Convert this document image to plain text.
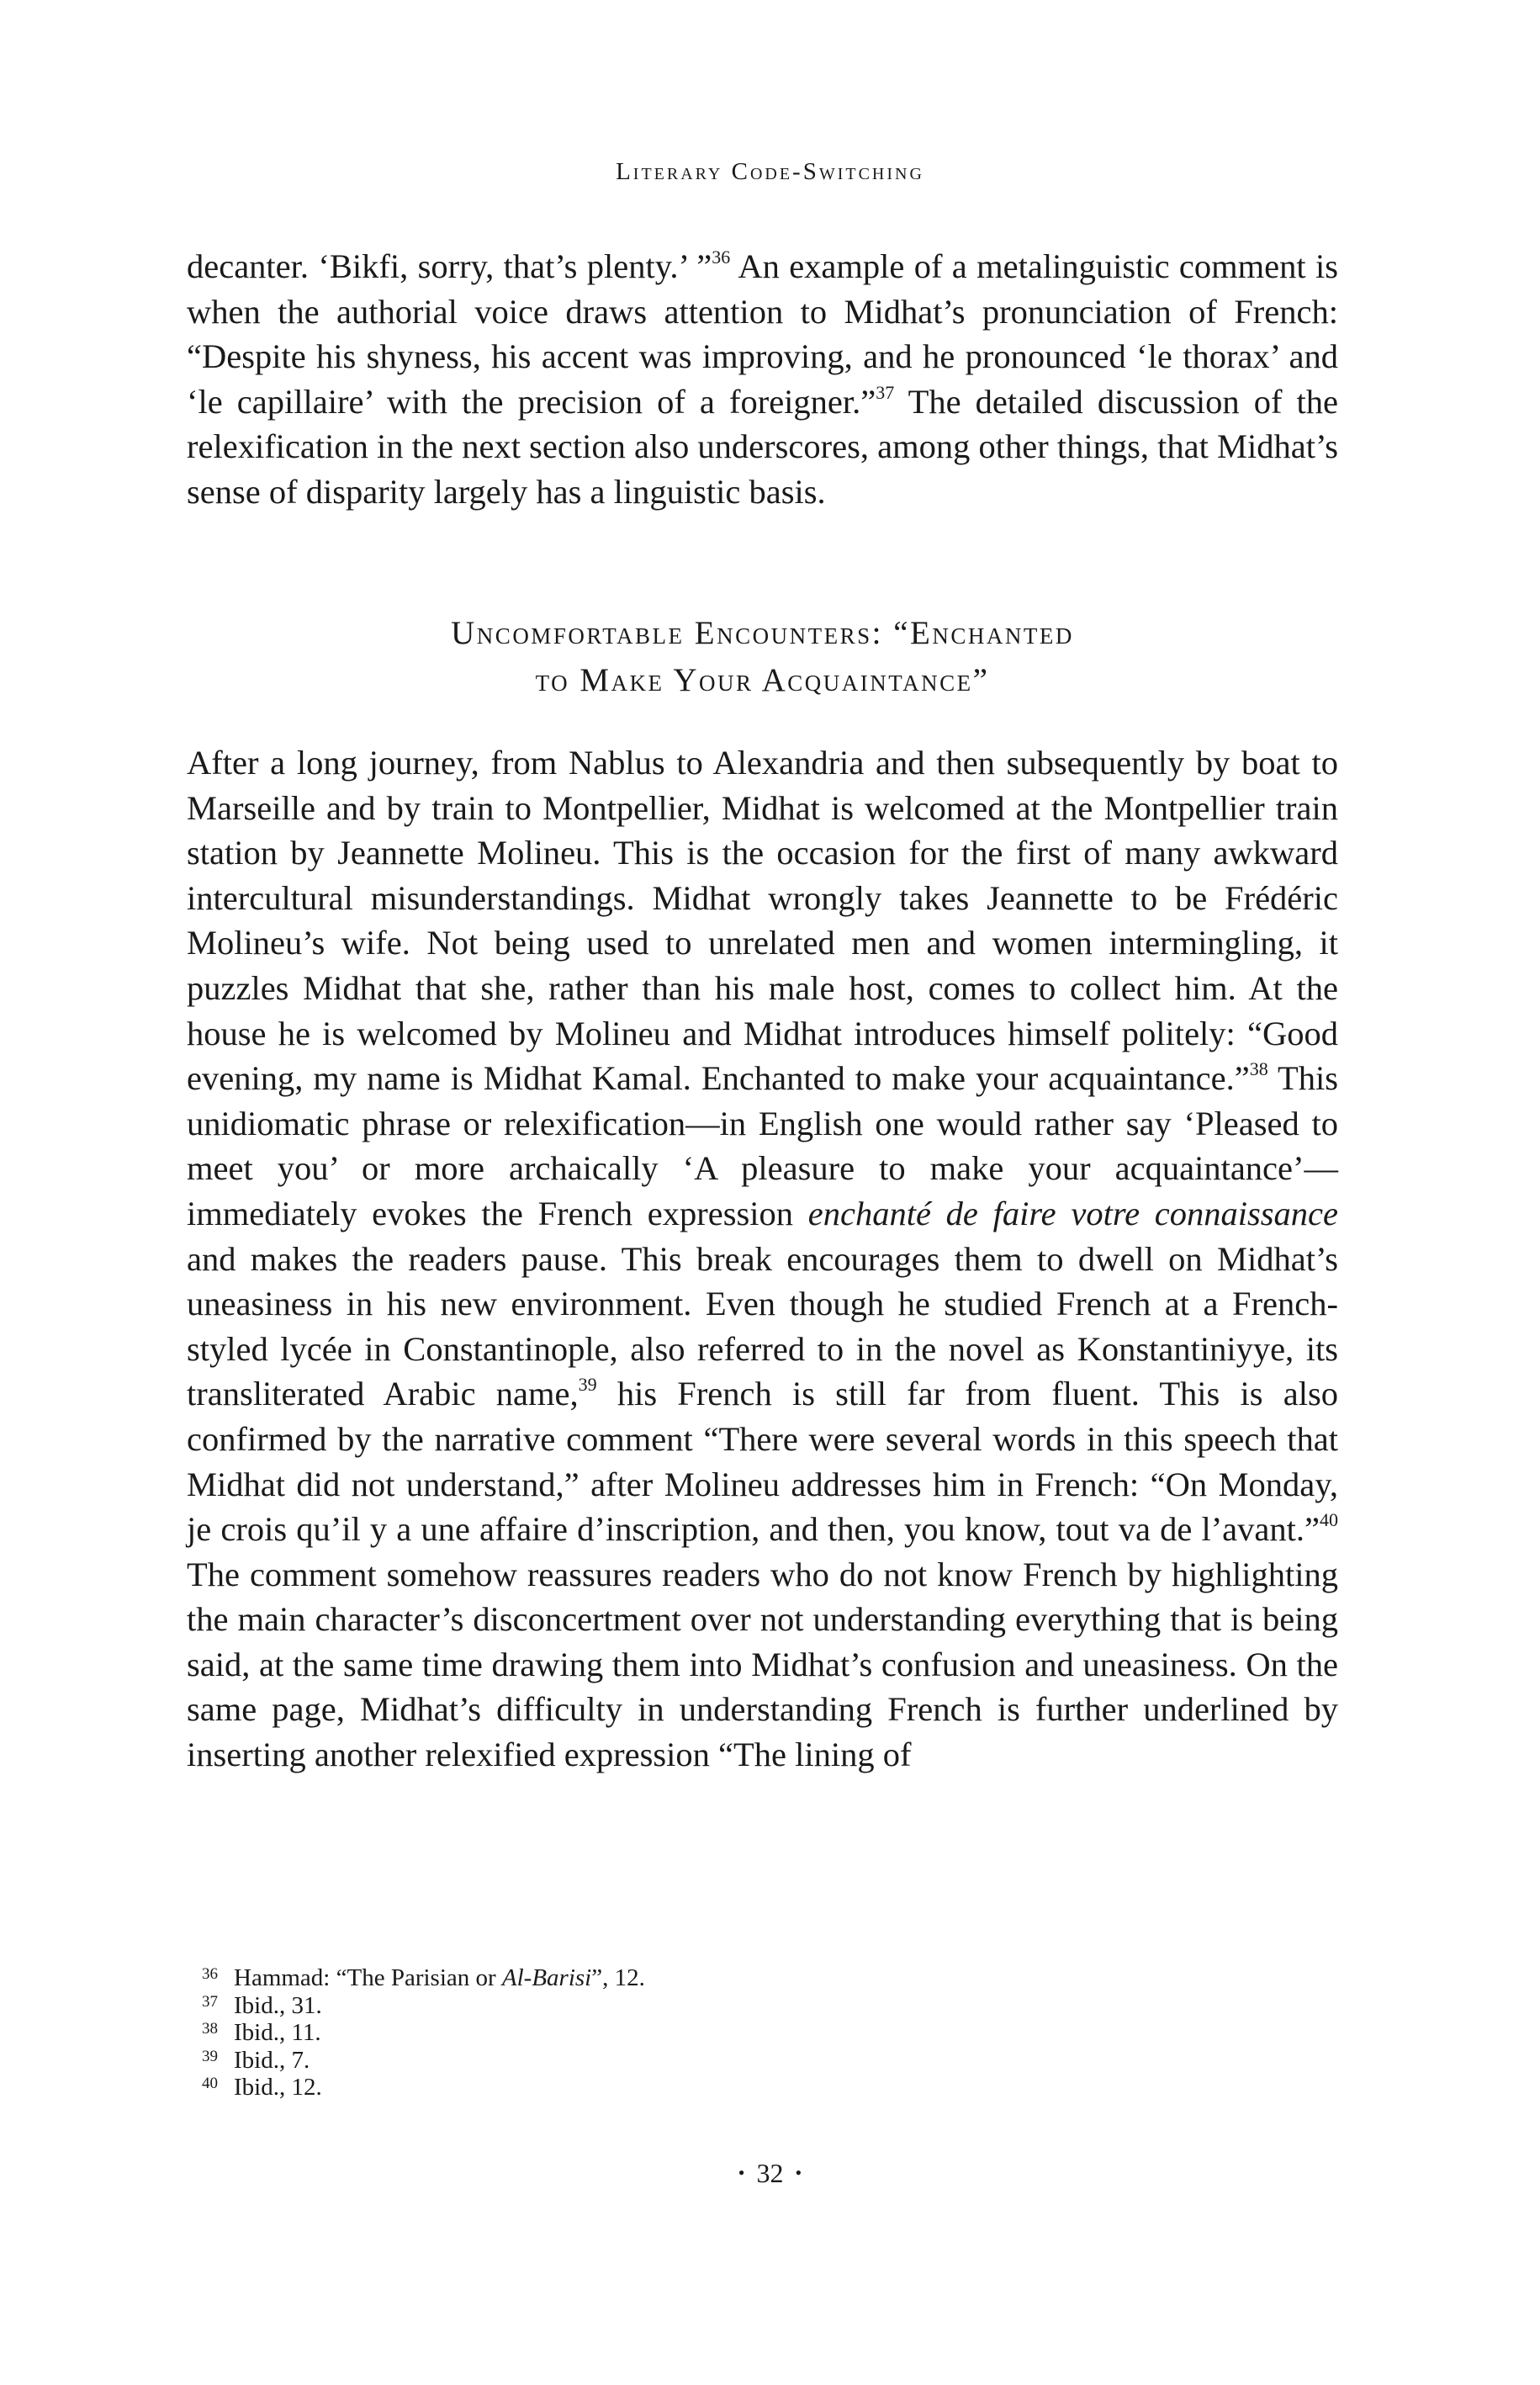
Literary Code-Switching

decanter. ‘Bikfi, sorry, that’s plenty.’ ”$^{36}$ An example of a metalinguistic comment is when the authorial voice draws attention to Midhat’s pronunciation of French: “Despite his shyness, his accent was improving, and he pronounced ‘le thorax’ and ‘le capillaire’ with the precision of a foreigner.”$^{37}$ The detailed discussion of the relexification in the next section also underscores, among other things, that Midhat’s sense of disparity largely has a linguistic basis.

Uncomfortable Encounters: “Enchanted
to Make Your Acquaintance”

After a long journey, from Nablus to Alexandria and then subsequently by boat to Marseille and by train to Montpellier, Midhat is welcomed at the Montpellier train station by Jeannette Molineu. This is the occasion for the first of many awkward intercultural misunderstandings. Midhat wrongly takes Jeannette to be Frédéric Molineu’s wife. Not being used to unrelated men and women intermingling, it puzzles Midhat that she, rather than his male host, comes to collect him. At the house he is welcomed by Molineu and Midhat introduces himself politely: “Good evening, my name is Midhat Kamal. Enchanted to make your acquaintance.”$^{38}$ This unidiomatic phrase or relexification—in English one would rather say ‘Pleased to meet you’ or more archaically ‘A pleasure to make your acquaintance’—immediately evokes the French expression enchanté de faire votre connaissance and makes the readers pause. This break encourages them to dwell on Midhat’s uneasiness in his new environment. Even though he studied French at a French-styled lycée in Constantinople, also referred to in the novel as Konstantiniyye, its transliterated Arabic name,$^{39}$ his French is still far from fluent. This is also confirmed by the narrative comment “There were several words in this speech that Midhat did not understand,” after Molineu addresses him in French: “On Monday, je crois qu’il y a une affaire d’inscription, and then, you know, tout va de l’avant.”$^{40}$ The comment somehow reassures readers who do not know French by highlighting the main character’s disconcertment over not understanding everything that is being said, at the same time drawing them into Midhat’s confusion and uneasiness. On the same page, Midhat’s difficulty in understanding French is further underlined by inserting another relexified expression “The lining of

36 Hammad: “The Parisian or Al-Barisi”, 12.
37 Ibid., 31.
38 Ibid., 11.
39 Ibid., 7.
40 Ibid., 12.
• 32 •
